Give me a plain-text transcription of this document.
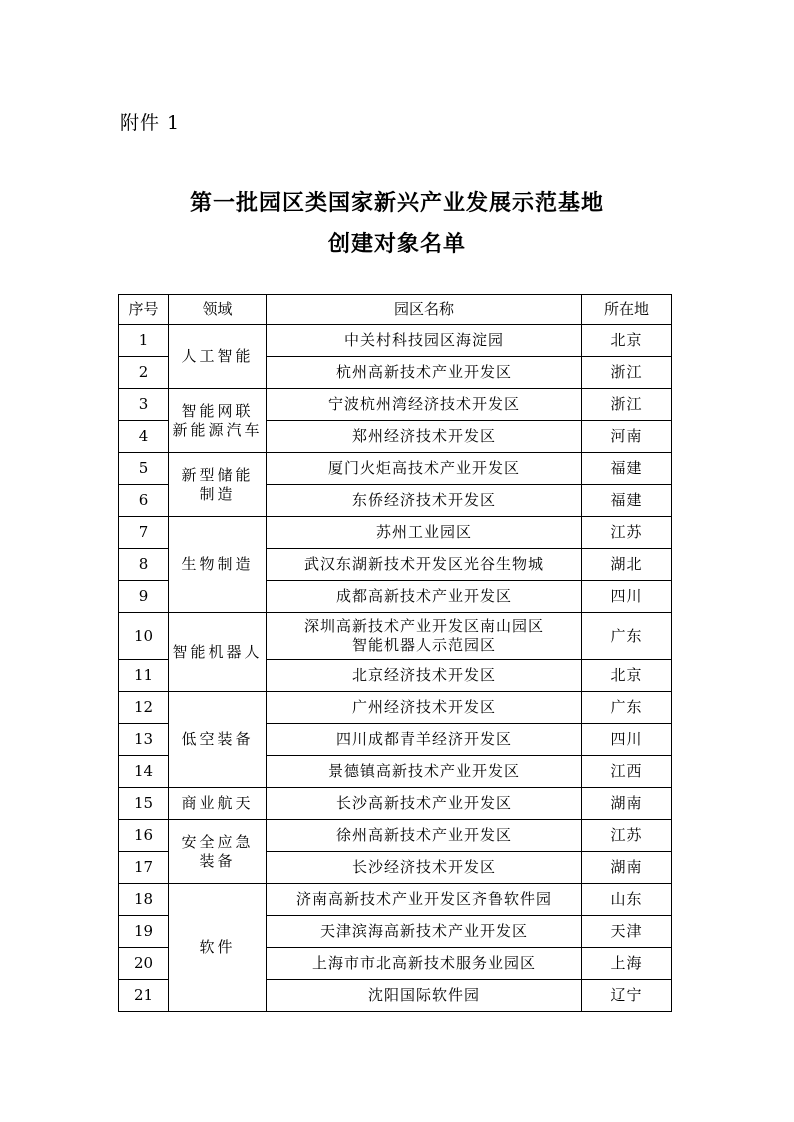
附件 1
第一批园区类国家新兴产业发展示范基地
创建对象名单
序号	领域	园区名称	所在地
1	人工智能	中关村科技园区海淀园	北京
2		杭州高新技术产业开发区	浙江
3	智能网联
新能源汽车	宁波杭州湾经济技术开发区	浙江
4		郑州经济技术开发区	河南
5	新型储能
制造	厦门火炬高技术产业开发区	福建
6		东侨经济技术开发区	福建
7	生物制造	苏州工业园区	江苏
8		武汉东湖新技术开发区光谷生物城	湖北
9		成都高新技术产业开发区	四川
10	智能机器人	深圳高新技术产业开发区南山园区
智能机器人示范园区	广东
11		北京经济技术开发区	北京
12	低空装备	广州经济技术开发区	广东
13		四川成都青羊经济开发区	四川
14		景德镇高新技术产业开发区	江西
15	商业航天	长沙高新技术产业开发区	湖南
16	安全应急
装备	徐州高新技术产业开发区	江苏
17		长沙经济技术开发区	湖南
18	软件	济南高新技术产业开发区齐鲁软件园	山东
19		天津滨海高新技术产业开发区	天津
20		上海市市北高新技术服务业园区	上海
21		沈阳国际软件园	辽宁
